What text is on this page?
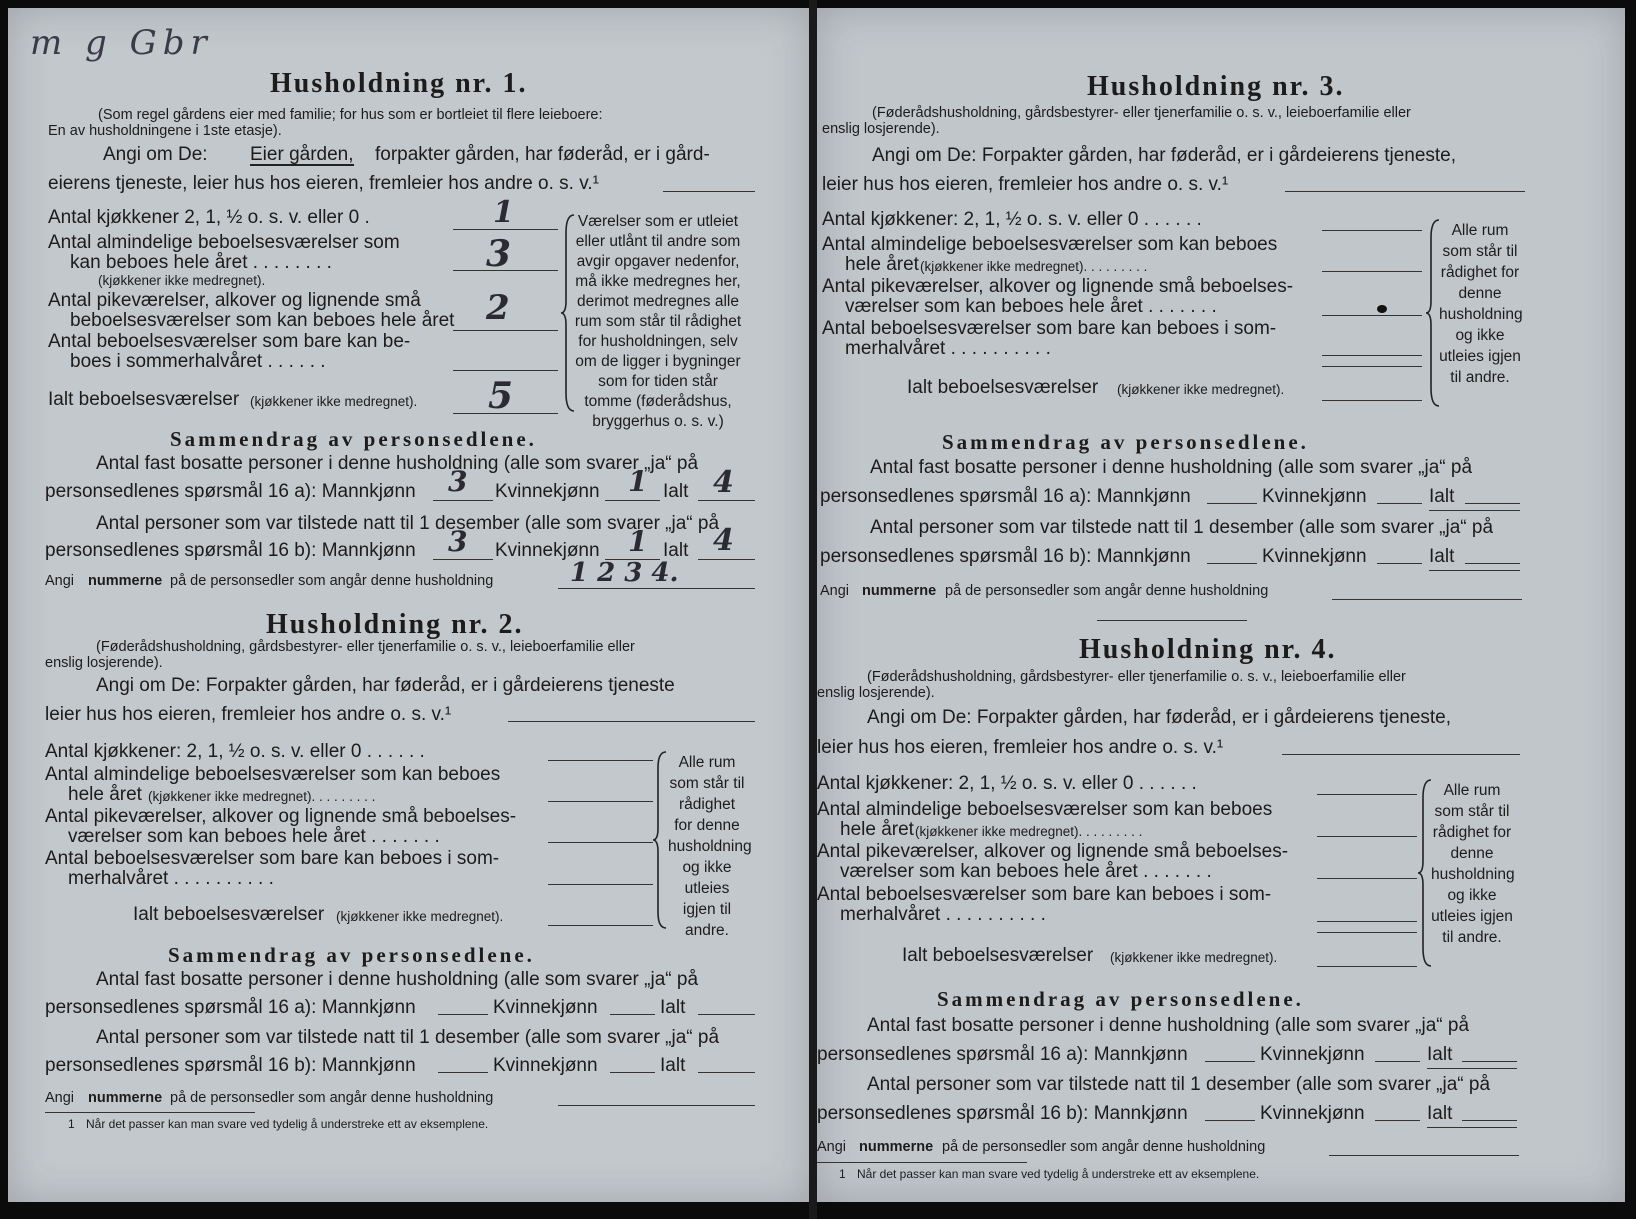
m g Gbr
Husholdning nr. 1.
(Som regel gårdens eier med familie; for hus som er bortleiet til flere leieboere:
En av husholdningene i 1ste etasje).
Angi om De: Eier gården, forpakter gården, har føderåd, er i gård-
eierens tjeneste, leier hus hos eieren, fremleier hos andre o. s. v.¹
Antal kjøkkener 2, 1, ½ o. s. v. eller 0 .	1
Antal almindelige beboelsesværelser som
kan beboes hele året . . . . . . . .
(kjøkkener ikke medregnet).
3
Antal pikeværelser, alkover og lignende små
beboelsesværelser som kan beboes hele året 2
Antal beboelsesværelser som bare kan be-
boes i sommerhalvåret . . . . . .
Ialt beboelsesværelser (kjøkkener ikke medregnet). 5
Værelser som er utleiet eller utlånt til andre som avgir opgaver nedenfor, må ikke medregnes her, derimot medregnes alle rum som står til rådighet for husholdningen, selv om de ligger i bygninger som for tiden står tomme (føderådshus, bryggerhus o. s. v.)
Sammendrag av personsedlene.
Antal fast bosatte personer i denne husholdning (alle som svarer „ja“ på
personsedlenes spørsmål 16 a): Mannkjønn 3 Kvinnekjønn 1 Ialt 4
Antal personer som var tilstede natt til 1 desember (alle som svarer „ja“ på
personsedlenes spørsmål 16 b): Mannkjønn 3 Kvinnekjønn 1 Ialt 4
Angi nummerne på de personsedler som angår denne husholdning	1 2 3 4.
Husholdning nr. 2.
(Føderådshusholdning, gårdsbestyrer- eller tjenerfamilie o. s. v., leieboerfamilie eller
enslig losjerende).
Angi om De: Forpakter gården, har føderåd, er i gårdeierens tjeneste
leier hus hos eieren, fremleier hos andre o. s. v.¹
Antal kjøkkener: 2, 1, ½ o. s. v. eller 0 . . . . . .
Antal almindelige beboelsesværelser som kan beboes
hele året (kjøkkener ikke medregnet). . . . . . . . .
Antal pikeværelser, alkover og lignende små beboelses-
værelser som kan beboes hele året . . . . . . .
Antal beboelsesværelser som bare kan beboes i som-
merhalvåret . . . . . . . . . .
Ialt beboelsesværelser (kjøkkener ikke medregnet).
Alle rum som står til rådighet for denne husholdning og ikke utleies igjen til andre.
Sammendrag av personsedlene.
Antal fast bosatte personer i denne husholdning (alle som svarer „ja“ på
personsedlenes spørsmål 16 a): Mannkjønn	Kvinnekjønn	Ialt
Antal personer som var tilstede natt til 1 desember (alle som svarer „ja“ på
personsedlenes spørsmål 16 b): Mannkjønn	Kvinnekjønn	Ialt
Angi nummerne på de personsedler som angår denne husholdning
1 Når det passer kan man svare ved tydelig å understreke ett av eksemplene.
Husholdning nr. 3.
(Føderådshusholdning, gårdsbestyrer- eller tjenerfamilie o. s. v., leieboerfamilie eller
enslig losjerende).
Angi om De: Forpakter gården, har føderåd, er i gårdeierens tjeneste,
leier hus hos eieren, fremleier hos andre o. s. v.¹
Antal kjøkkener: 2, 1, ½ o. s. v. eller 0 . . . . . .
Antal almindelige beboelsesværelser som kan beboes
hele året (kjøkkener ikke medregnet). . . . . . . . .
Antal pikeværelser, alkover og lignende små beboelses-
værelser som kan beboes hele året . . . . . . .
Antal beboelsesværelser som bare kan beboes i som-
merhalvåret . . . . . . . . . .
Ialt beboelsesværelser (kjøkkener ikke medregnet).
Alle rum som står til rådighet for denne husholdning og ikke utleies igjen til andre.
Sammendrag av personsedlene.
Antal fast bosatte personer i denne husholdning (alle som svarer „ja“ på
personsedlenes spørsmål 16 a): Mannkjønn	Kvinnekjønn	Ialt
Antal personer som var tilstede natt til 1 desember (alle som svarer „ja“ på
personsedlenes spørsmål 16 b): Mannkjønn	Kvinnekjønn	Ialt
Angi nummerne på de personsedler som angår denne husholdning
Husholdning nr. 4.
(Føderådshusholdning, gårdsbestyrer- eller tjenerfamilie o. s. v., leieboerfamilie eller
enslig losjerende).
Angi om De: Forpakter gården, har føderåd, er i gårdeierens tjeneste,
leier hus hos eieren, fremleier hos andre o. s. v.¹
Antal kjøkkener: 2, 1, ½ o. s. v. eller 0 . . . . . .
Antal almindelige beboelsesværelser som kan beboes
hele året (kjøkkener ikke medregnet). . . . . . . . .
Antal pikeværelser, alkover og lignende små beboelses-
værelser som kan beboes hele året . . . . . . .
Antal beboelsesværelser som bare kan beboes i som-
merhalvåret . . . . . . . . . .
Ialt beboelsesværelser (kjøkkener ikke medregnet).
Alle rum som står til rådighet for denne husholdning og ikke utleies igjen til andre.
Sammendrag av personsedlene.
Antal fast bosatte personer i denne husholdning (alle som svarer „ja“ på
personsedlenes spørsmål 16 a): Mannkjønn	Kvinnekjønn	Ialt
Antal personer som var tilstede natt til 1 desember (alle som svarer „ja“ på
personsedlenes spørsmål 16 b): Mannkjønn	Kvinnekjønn	Ialt
Angi nummerne på de personsedler som angår denne husholdning
1 Når det passer kan man svare ved tydelig å understreke ett av eksemplene.
